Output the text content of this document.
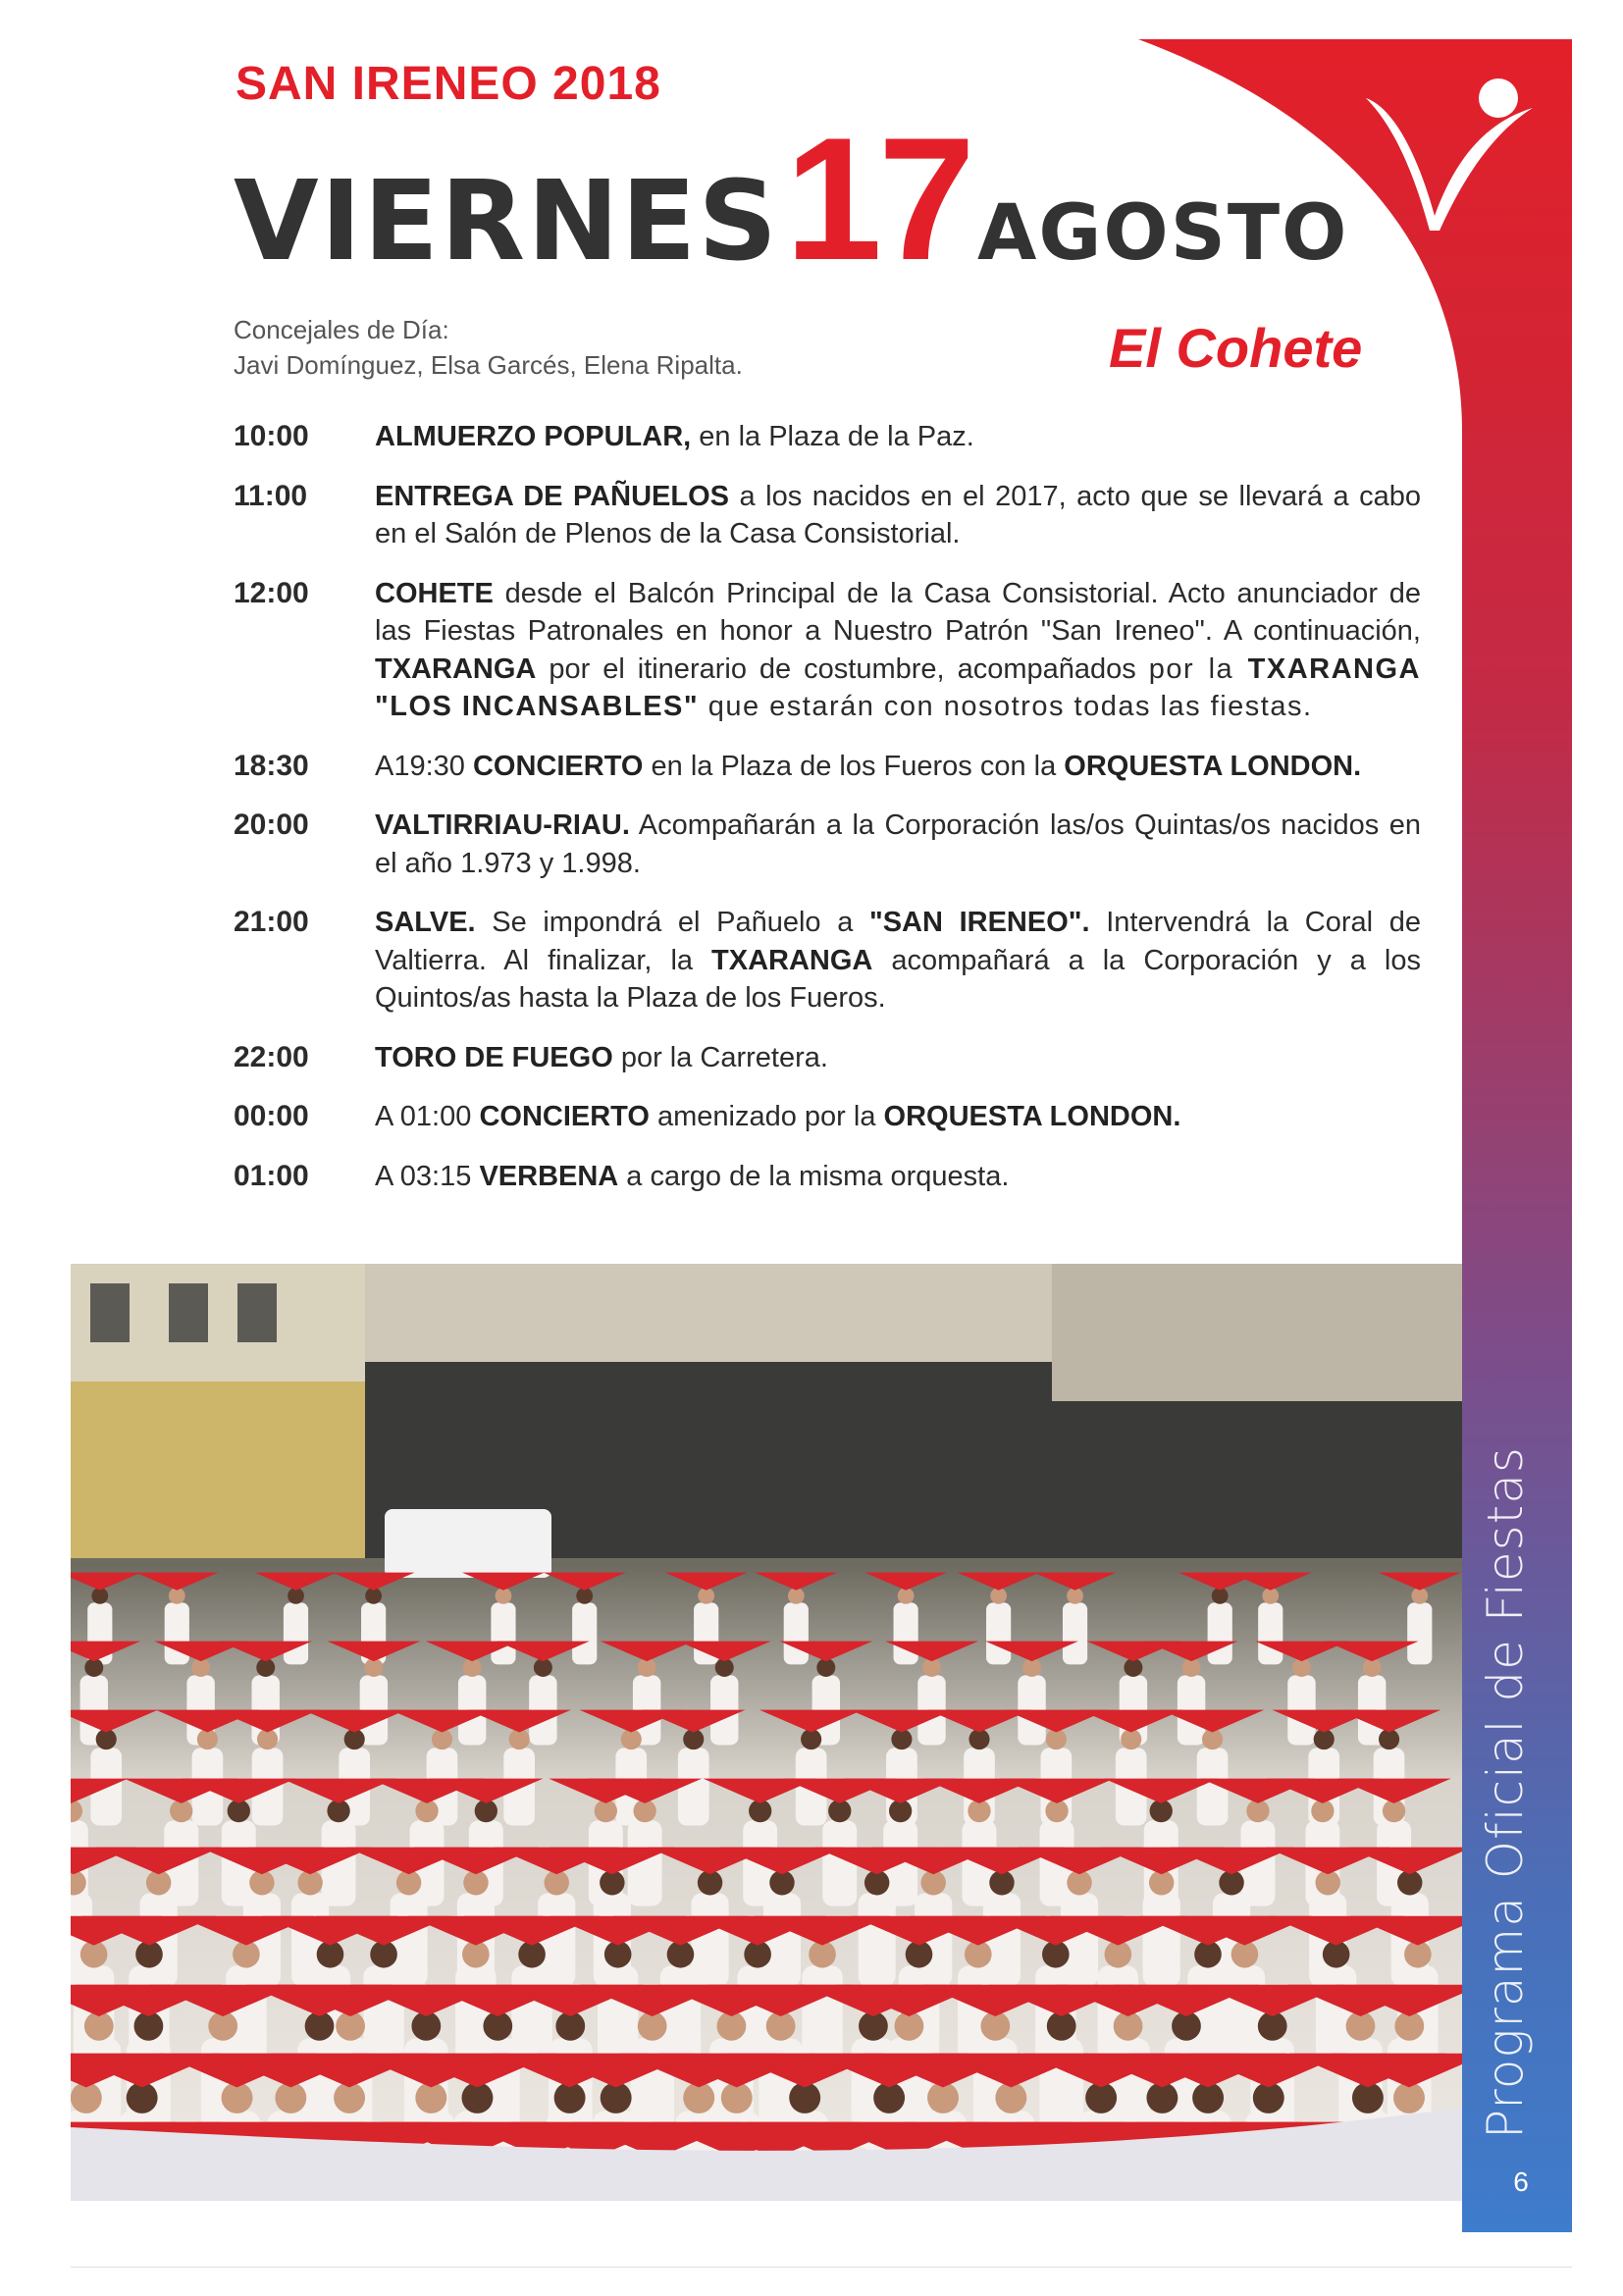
Programa Oficial de Fiestas
6
SAN IRENEO 2018
VIERNES17AGOSTO
Concejales de Día:
Javi Domínguez, Elsa Garcés, Elena Ripalta.	El Cohete
10:00	ALMUERZO POPULAR, en la Plaza de la Paz.
11:00	ENTREGA DE PAÑUELOS a los nacidos en el 2017, acto que se llevará a cabo en el Salón de Plenos de la Casa Consistorial.
12:00	COHETE desde el Balcón Principal de la Casa Consistorial. Acto anunciador de las Fiestas Patronales en honor a Nuestro Patrón "San Ireneo". A continuación, TXARANGA por el itinerario de costumbre, acompañados por la TXARANGA "LOS INCANSABLES" que estarán con nosotros todas las fiestas.
18:30	A19:30 CONCIERTO en la Plaza de los Fueros con la ORQUESTA LONDON.
20:00	VALTIRRIAU-RIAU. Acompañarán a la Corporación las/os Quintas/os nacidos en el año 1.973 y 1.998.
21:00	SALVE. Se impondrá el Pañuelo a "SAN IRENEO". Intervendrá la Coral de Valtierra. Al finalizar, la TXARANGA acompañará a la Corporación y a los Quintos/as hasta la Plaza de los Fueros.
22:00	TORO DE FUEGO por la Carretera.
00:00	A 01:00 CONCIERTO amenizado por la ORQUESTA LONDON.
01:00	A 03:15 VERBENA a cargo de la misma orquesta.
